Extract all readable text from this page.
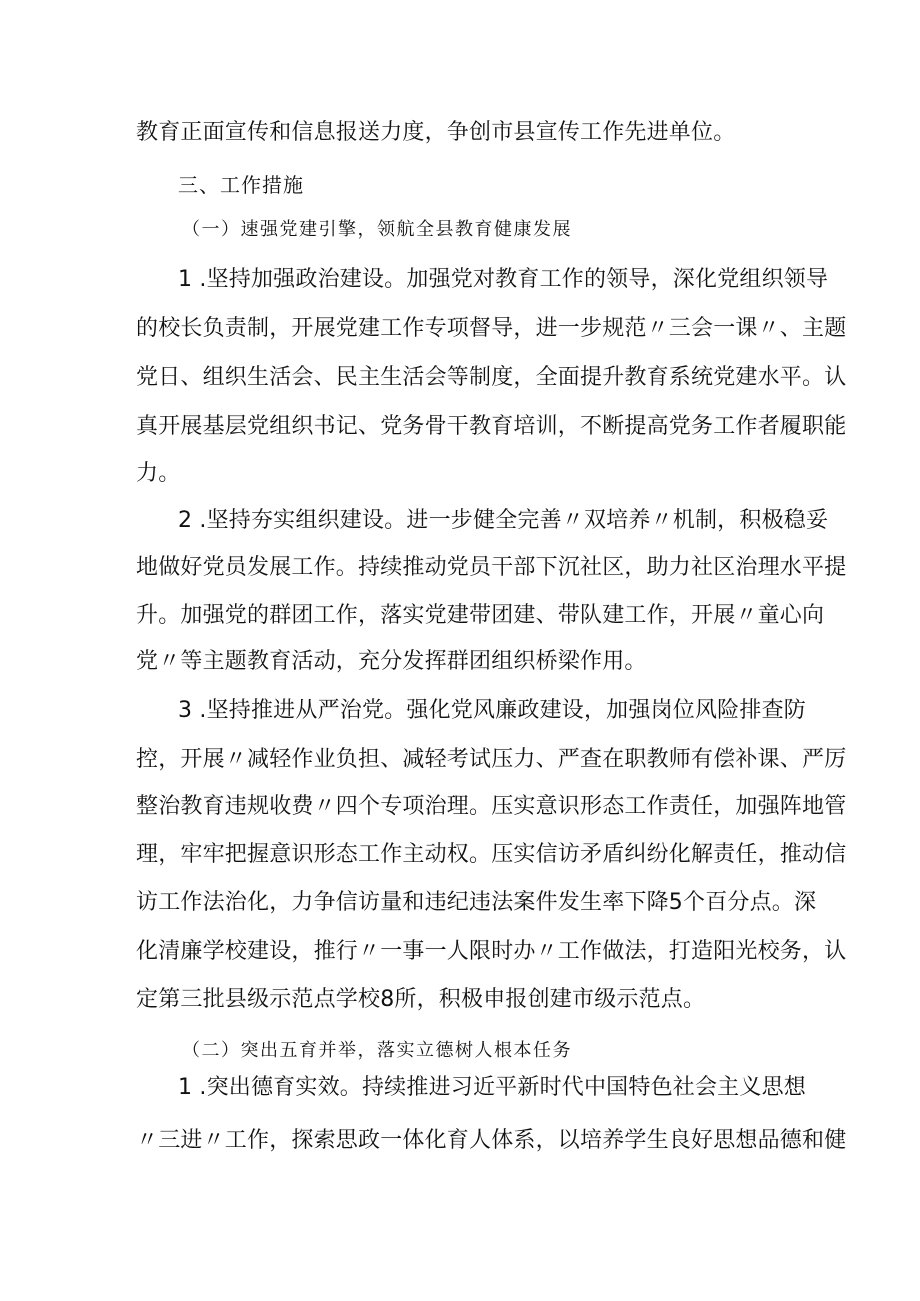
教育正面宣传和信息报送力度，争创市县宣传工作先进单位。
三、工作措施
（一）速强党建引擎，领航全县教育健康发展
1 .坚持加强政治建设。加强党对教育工作的领导，深化党组织领导
的校长负责制，开展党建工作专项督导，进一步规范〃三会一课〃、主题
党日、组织生活会、民主生活会等制度，全面提升教育系统党建水平。认
真开展基层党组织书记、党务骨干教育培训，不断提高党务工作者履职能
力。
2 .坚持夯实组织建设。进一步健全完善〃双培养〃机制，积极稳妥
地做好党员发展工作。持续推动党员干部下沉社区，助力社区治理水平提
升。加强党的群团工作，落实党建带团建、带队建工作，开展〃童心向
党〃等主题教育活动，充分发挥群团组织桥梁作用。
3 .坚持推进从严治党。强化党风廉政建设，加强岗位风险排查防
控，开展〃减轻作业负担、减轻考试压力、严查在职教师有偿补课、严厉
整治教育违规收费〃四个专项治理。压实意识形态工作责任，加强阵地管
理，牢牢把握意识形态工作主动权。压实信访矛盾纠纷化解责任，推动信
访工作法治化，力争信访量和违纪违法案件发生率下降5个百分点。深
化清廉学校建设，推行〃一事一人限时办〃工作做法，打造阳光校务，认
定第三批县级示范点学校8所，积极申报创建市级示范点。
（二）突出五育并举，落实立德树人根本任务
1 .突出德育实效。持续推进习近平新时代中国特色社会主义思想
〃三进〃工作，探索思政一体化育人体系，以培养学生良好思想品德和健
